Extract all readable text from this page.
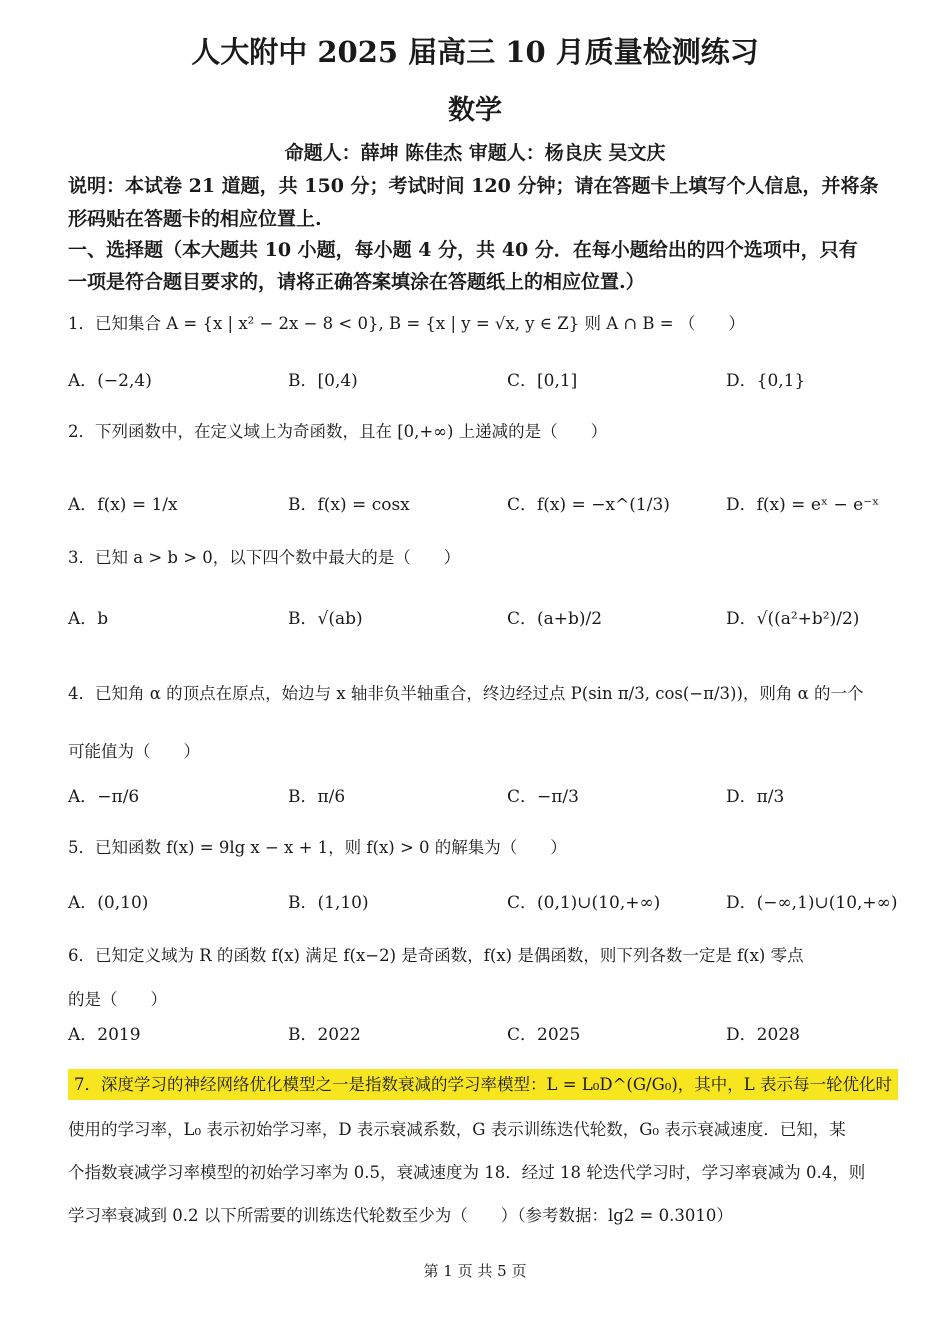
人大附中 2025 届高三 10 月质量检测练习
数学
命题人：薛坤 陈佳杰 审题人：杨良庆 吴文庆
说明：本试卷 21 道题，共 150 分；考试时间 120 分钟；请在答题卡上填写个人信息，并将条
形码贴在答题卡的相应位置上.
一、选择题（本大题共 10 小题，每小题 4 分，共 40 分．在每小题给出的四个选项中，只有
一项是符合题目要求的，请将正确答案填涂在答题纸上的相应位置.）
1．已知集合 A = {x | x² − 2x − 8 < 0}, B = {x | y = √x, y ∈ Z} 则 A ∩ B = （　　）
A．(−2,4)	B．[0,4)	C．[0,1]	D．{0,1}
2．下列函数中，在定义域上为奇函数，且在 [0,+∞) 上递减的是（　　）
A．f(x) = 1/x	B．f(x) = cosx	C．f(x) = −x^(1/3)	D．f(x) = eˣ − e⁻ˣ
3．已知 a > b > 0，以下四个数中最大的是（　　）
A．b	B．√(ab)	C．(a+b)/2	D．√((a²+b²)/2)
4．已知角 α 的顶点在原点，始边与 x 轴非负半轴重合，终边经过点 P(sin π/3, cos(−π/3))，则角 α 的一个
可能值为（　　）
A．−π/6	B．π/6	C．−π/3	D．π/3
5．已知函数 f(x) = 9lg x − x + 1，则 f(x) > 0 的解集为（　　）
A．(0,10)	B．(1,10)	C．(0,1)∪(10,+∞)	D．(−∞,1)∪(10,+∞)
6．已知定义域为 R 的函数 f(x) 满足 f(x−2) 是奇函数，f(x) 是偶函数，则下列各数一定是 f(x) 零点
的是（　　）
A．2019	B．2022	C．2025	D．2028
7．深度学习的神经网络优化模型之一是指数衰减的学习率模型：L = L₀D^(G/G₀)，其中，L 表示每一轮优化时
使用的学习率，L₀ 表示初始学习率，D 表示衰减系数，G 表示训练迭代轮数，G₀ 表示衰减速度．已知，某
个指数衰减学习率模型的初始学习率为 0.5，衰减速度为 18．经过 18 轮迭代学习时，学习率衰减为 0.4，则
学习率衰减到 0.2 以下所需要的训练迭代轮数至少为（　　）（参考数据：lg2 = 0.3010）
第 1 页 共 5 页
